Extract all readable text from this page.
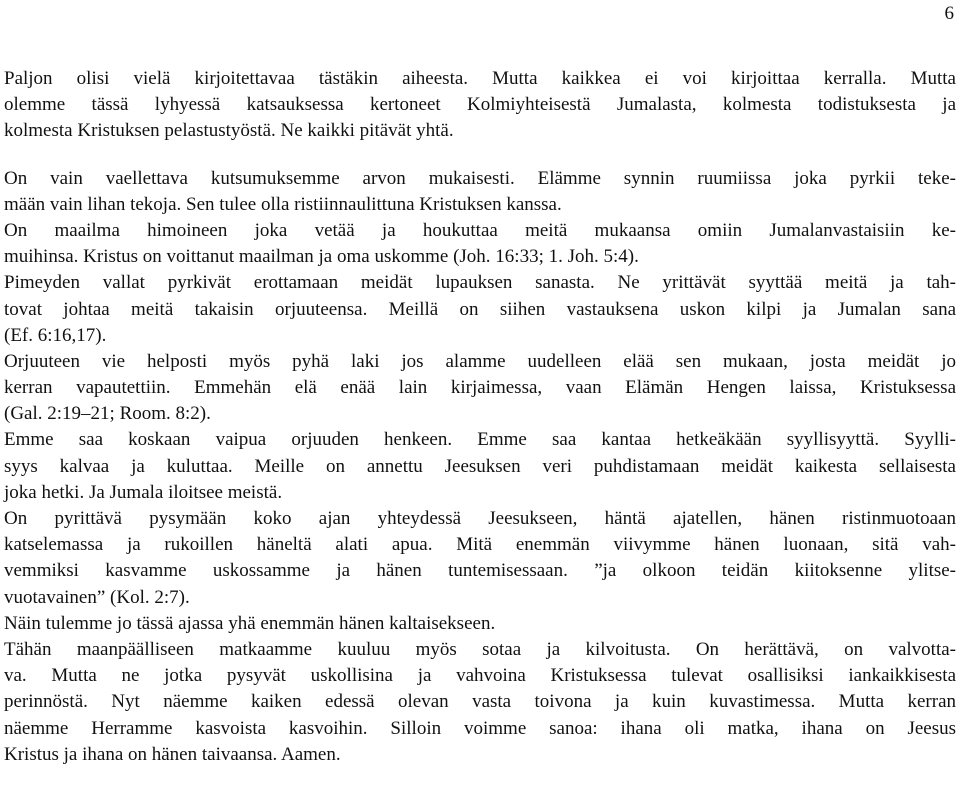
6
Paljon olisi vielä kirjoitettavaa tästäkin aiheesta. Mutta kaikkea ei voi kirjoittaa kerralla. Mutta
olemme tässä lyhyessä katsauksessa kertoneet Kolmiyhteisestä Jumalasta, kolmesta todistuksesta ja
kolmesta Kristuksen pelastustyöstä. Ne kaikki pitävät yhtä.
On vain vaellettava kutsumuksemme arvon mukaisesti. Elämme synnin ruumiissa joka pyrkii teke-
mään vain lihan tekoja. Sen tulee olla ristiinnaulittuna Kristuksen kanssa.
On maailma himoineen joka vetää ja houkuttaa meitä mukaansa omiin Jumalanvastaisiin ke-
muihinsa. Kristus on voittanut maailman ja oma uskomme (Joh. 16:33; 1. Joh. 5:4).
Pimeyden vallat pyrkivät erottamaan meidät lupauksen sanasta. Ne yrittävät syyttää meitä ja tah-
tovat johtaa meitä takaisin orjuuteensa. Meillä on siihen vastauksena uskon kilpi ja Jumalan sana
(Ef. 6:16,17).
Orjuuteen vie helposti myös pyhä laki jos alamme uudelleen elää sen mukaan, josta meidät jo
kerran vapautettiin. Emmehän elä enää lain kirjaimessa, vaan Elämän Hengen laissa, Kristuksessa
(Gal. 2:19–21; Room. 8:2).
Emme saa koskaan vaipua orjuuden henkeen. Emme saa kantaa hetkeäkään syyllisyyttä. Syylli-
syys kalvaa ja kuluttaa. Meille on annettu Jeesuksen veri puhdistamaan meidät kaikesta sellaisesta
joka hetki. Ja Jumala iloitsee meistä.
On pyrittävä pysymään koko ajan yhteydessä Jeesukseen, häntä ajatellen, hänen ristinmuotoaan
katselemassa ja rukoillen häneltä alati apua. Mitä enemmän viivymme hänen luonaan, sitä vah-
vemmiksi kasvamme uskossamme ja hänen tuntemisessaan. ”ja olkoon teidän kiitoksenne ylitse-
vuotavainen” (Kol. 2:7).
Näin tulemme jo tässä ajassa yhä enemmän hänen kaltaisekseen.
Tähän maanpäälliseen matkaamme kuuluu myös sotaa ja kilvoitusta. On herättävä, on valvotta-
va. Mutta ne jotka pysyvät uskollisina ja vahvoina Kristuksessa tulevat osallisiksi iankaikkisesta
perinnöstä. Nyt näemme kaiken edessä olevan vasta toivona ja kuin kuvastimessa. Mutta kerran
näemme Herramme kasvoista kasvoihin. Silloin voimme sanoa: ihana oli matka, ihana on Jeesus
Kristus ja ihana on hänen taivaansa. Aamen.
